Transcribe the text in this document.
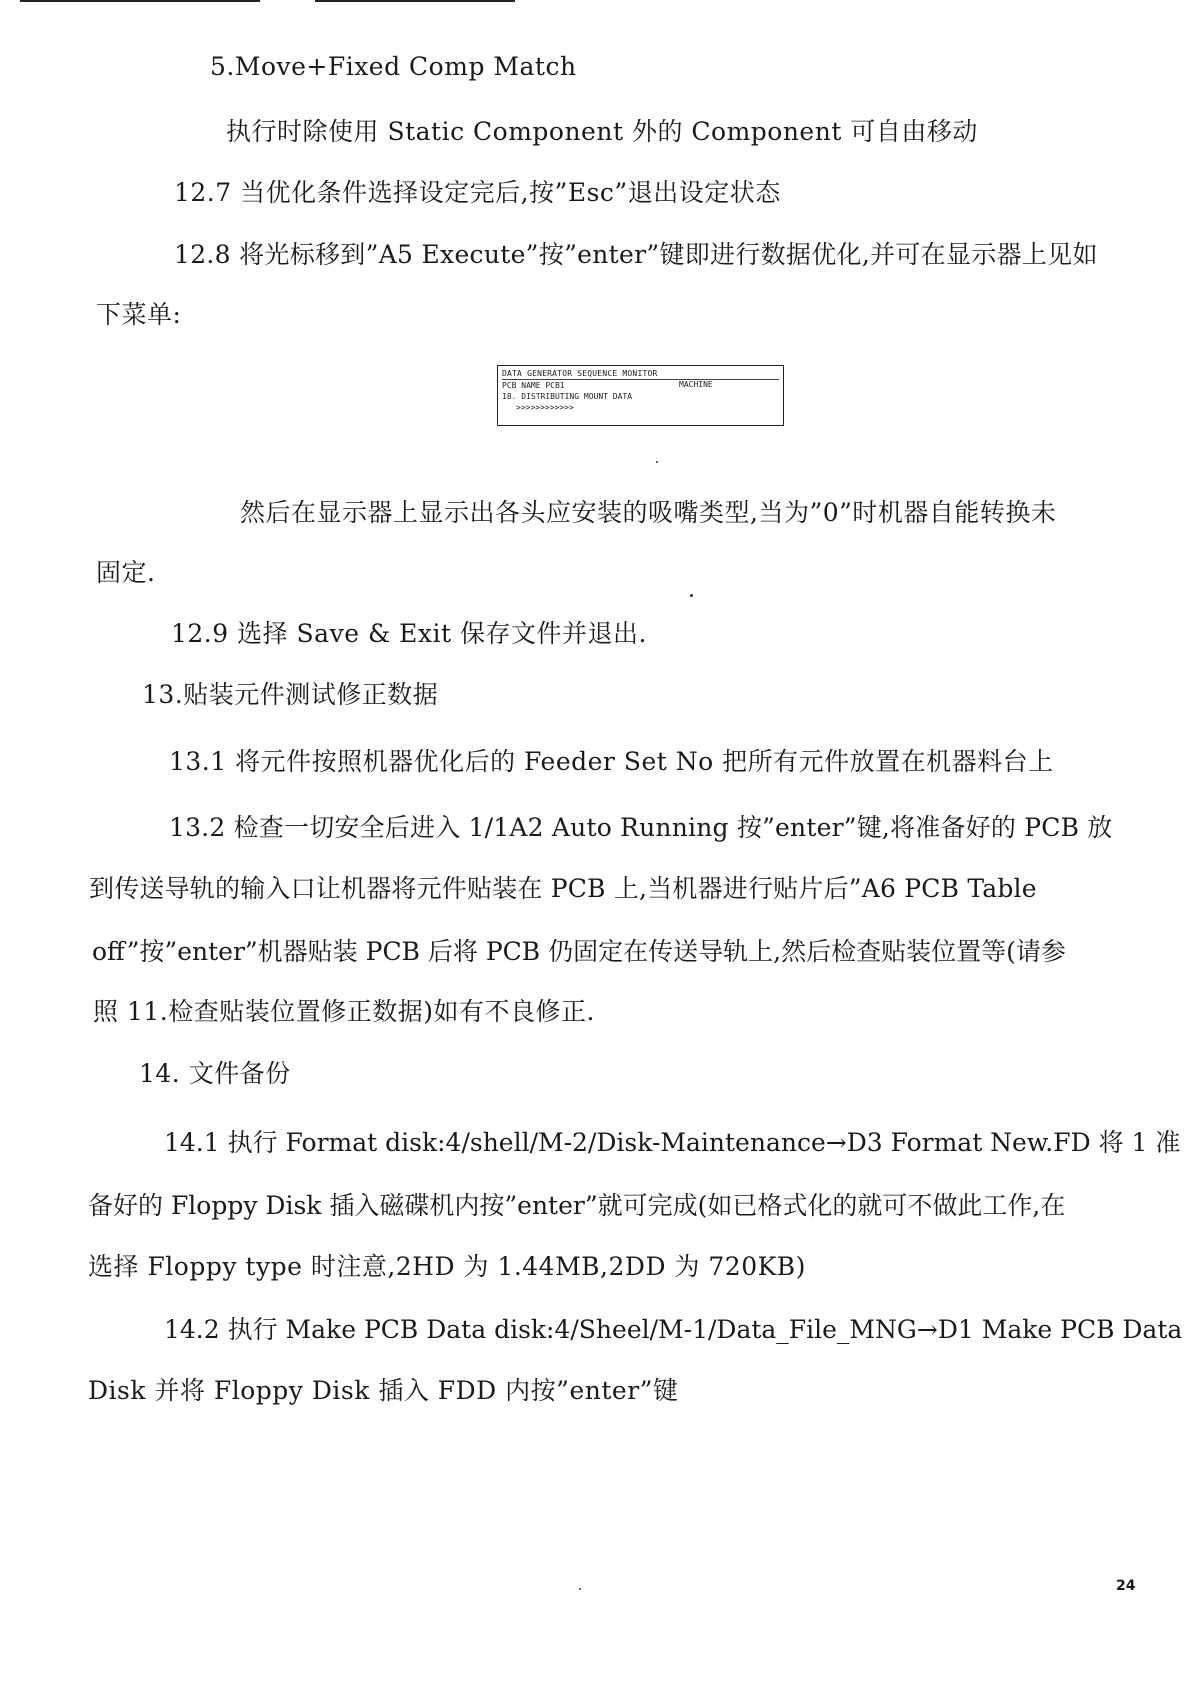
5.Move+Fixed Comp Match
执行时除使用 Static Component 外的 Component 可自由移动
12.7 当优化条件选择设定完后,按”Esc”退出设定状态
12.8 将光标移到”A5 Execute”按”enter”键即进行数据优化,并可在显示器上见如
下菜单:
然后在显示器上显示出各头应安装的吸嘴类型,当为”0”时机器自能转换未
固定.
12.9 选择 Save & Exit 保存文件并退出.
13.贴装元件测试修正数据
13.1 将元件按照机器优化后的 Feeder Set No 把所有元件放置在机器料台上
13.2 检查一切安全后进入 1/1A2 Auto Running 按”enter”键,将准备好的 PCB 放
到传送导轨的输入口让机器将元件贴装在 PCB 上,当机器进行贴片后”A6 PCB Table
off”按”enter”机器贴装 PCB 后将 PCB 仍固定在传送导轨上,然后检查贴装位置等(请参
照 11.检查贴装位置修正数据)如有不良修正.
14. 文件备份
14.1 执行 Format disk:4/shell/M-2/Disk-Maintenance→D3 Format New.FD 将 1 准
备好的 Floppy Disk 插入磁碟机内按”enter”就可完成(如已格式化的就可不做此工作,在
选择 Floppy type 时注意,2HD 为 1.44MB,2DD 为 720KB)
14.2 执行 Make PCB Data disk:4/Sheel/M-1/Data_File_MNG→D1 Make PCB Data
Disk 并将 Floppy Disk 插入 FDD 内按”enter”键
DATA GENERATOR SEQUENCE MONITOR
PCB NAME PCB1	MACHINE
18. DISTRIBUTING MOUNT DATA
>>>>>>>>>>>>
24
